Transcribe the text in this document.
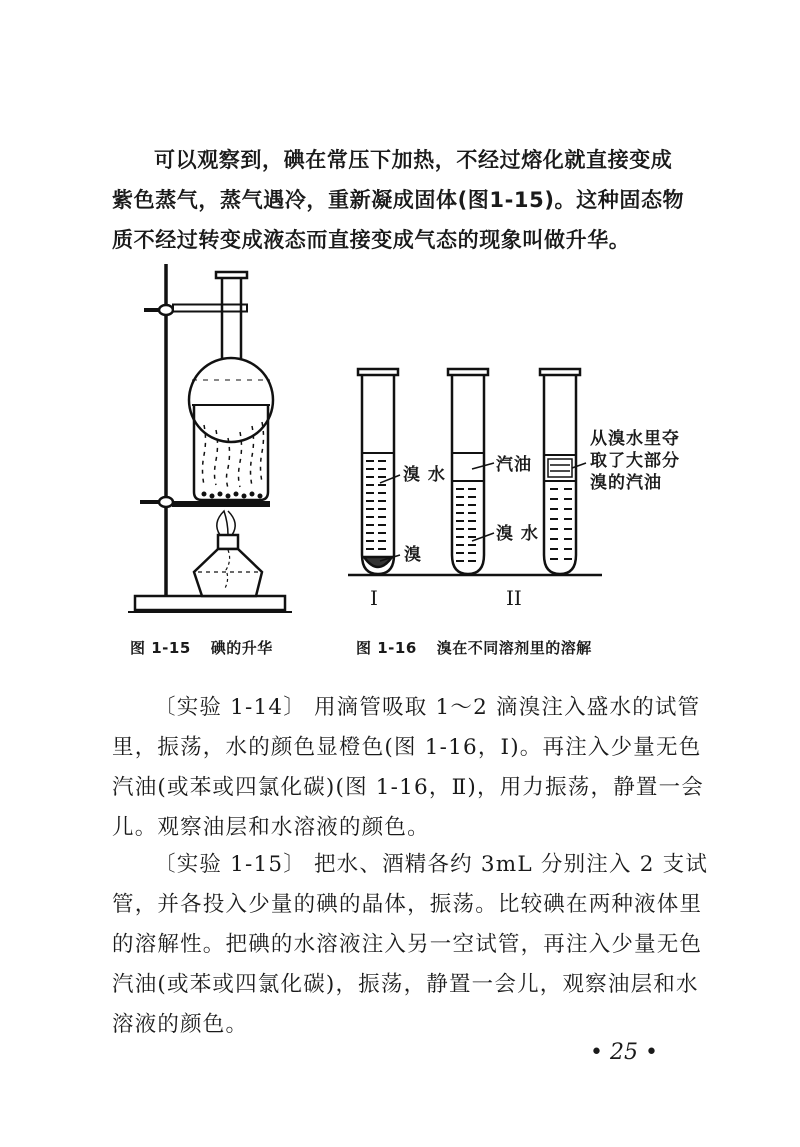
可以观察到，碘在常压下加热，不经过熔化就直接变成
紫色蒸气，蒸气遇冷，重新凝成固体(图1-15)。这种固态物
质不经过转变成液态而直接变成气态的现象叫做升华。
溴 水
溴
汽油
溴 水
从溴水里夺
取了大部分
溴的汽油
I	II
图 1-15 碘的升华	图 1-16 溴在不同溶剂里的溶解
〔实验 1-14〕 用滴管吸取 1～2 滴溴注入盛水的试管
里，振荡，水的颜色显橙色(图 1-16，Ⅰ)。再注入少量无色
汽油(或苯或四氯化碳)(图 1-16，Ⅱ)，用力振荡，静置一会
儿。观察油层和水溶液的颜色。
〔实验 1-15〕 把水、酒精各约 3mL 分别注入 2 支试
管，并各投入少量的碘的晶体，振荡。比较碘在两种液体里
的溶解性。把碘的水溶液注入另一空试管，再注入少量无色
汽油(或苯或四氯化碳)，振荡，静置一会儿，观察油层和水
溶液的颜色。
• 25 •
